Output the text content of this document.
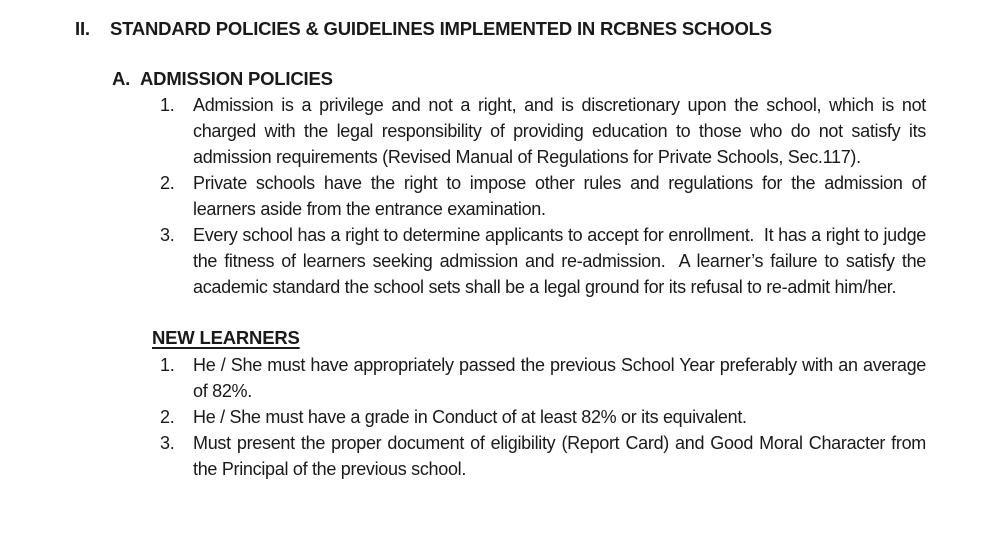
II.	STANDARD POLICIES & GUIDELINES IMPLEMENTED IN RCBNES SCHOOLS
A. ADMISSION POLICIES
1.	Admission is a privilege and not a right, and is discretionary upon the school, which is not charged with the legal responsibility of providing education to those who do not satisfy its admission requirements (Revised Manual of Regulations for Private Schools, Sec.117).

2.	Private schools have the right to impose other rules and regulations for the admission of learners aside from the entrance examination.

3.	Every school has a right to determine applicants to accept for enrollment.  It has a right to judge the fitness of learners seeking admission and re-admission.  A learner’s failure to satisfy the academic standard the school sets shall be a legal ground for its refusal to re-admit him/her.

NEW LEARNERS
1.	He / She must have appropriately passed the previous School Year preferably with an average of 82%.

2.	He / She must have a grade in Conduct of at least 82% or its equivalent.

3.	Must present the proper document of eligibility (Report Card) and Good Moral Character from the Principal of the previous school.
